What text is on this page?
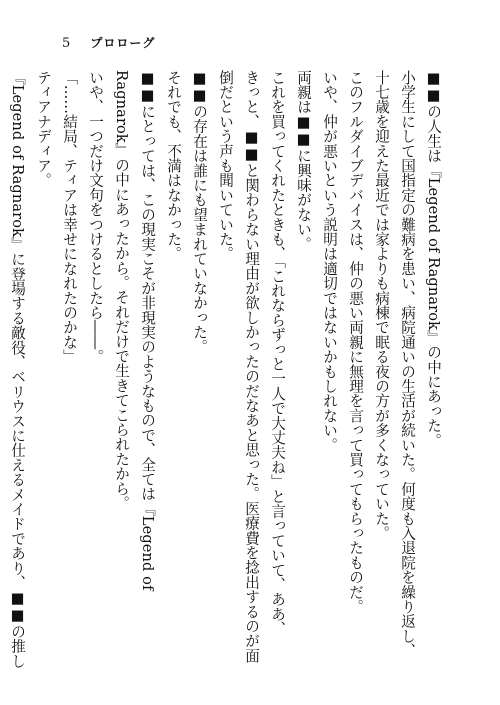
5 プロローグ
■■の人生は『Legend of Ragnarok』の中にあった。
小学生にして国指定の難病を患い、病院通いの生活が続いた。何度も入退院を繰り返し、
十七歳を迎えた最近では家よりも病棟で眠る夜の方が多くなっていた。
このフルダイブデバイスは、仲の悪い両親に無理を言って買ってもらったものだ。
いや、仲が悪いという説明は適切ではないかもしれない。
両親は■■に興味がない。
これを買ってくれたときも、「これならずっと一人で大丈夫ね」と言っていて、ああ、
きっと、■■と関わらない理由が欲しかったのだなあと思った。医療費を捻出するのが面
倒だという声も聞いていた。
■■の存在は誰にも望まれていなかった。
それでも、不満はなかった。
■■にとっては、この現実こそが非現実のようなもので、全ては『Legend of
Ragnarok』の中にあったから。それだけで生きてこられたから。
いや、一つだけ文句をつけるとしたら――。
「……結局、ティアは幸せになれたのかな」
ティアナディア。
『Legend of Ragnarok』に登場する敵役、ベリウスに仕えるメイドであり、■■の推し
